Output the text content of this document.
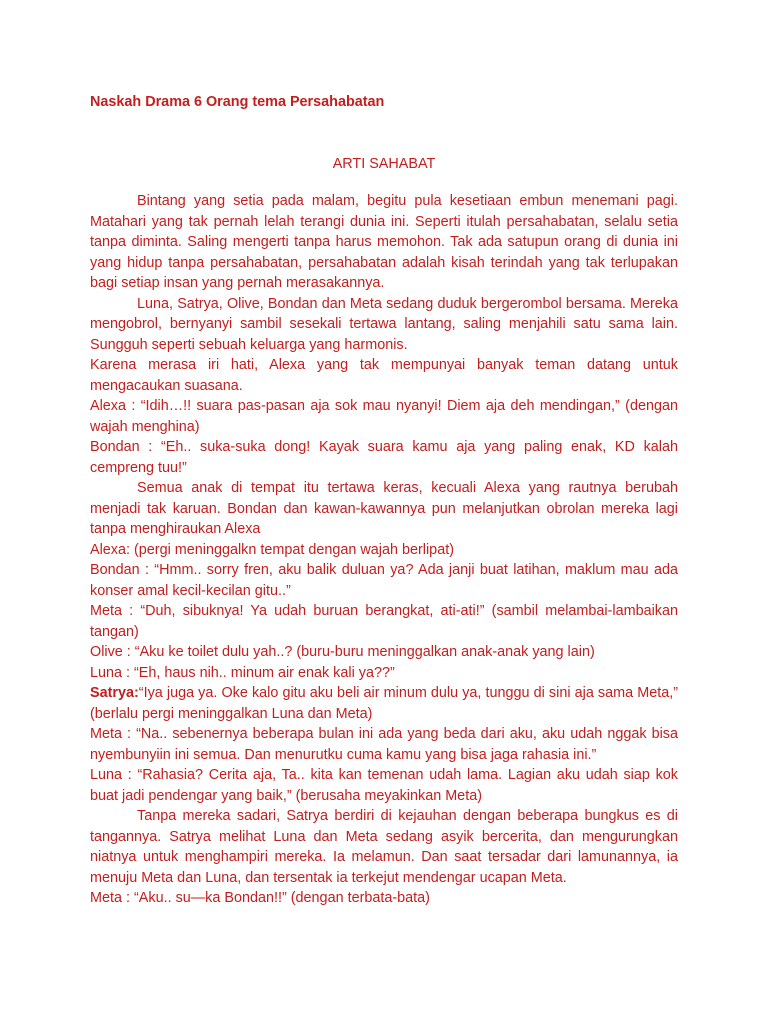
Naskah Drama 6 Orang tema Persahabatan

ARTI SAHABAT

Bintang yang setia pada malam, begitu pula kesetiaan embun menemani pagi. Matahari yang tak pernah lelah terangi dunia ini. Seperti itulah persahabatan, selalu setia tanpa diminta. Saling mengerti tanpa harus memohon. Tak ada satupun orang di dunia ini yang hidup tanpa persahabatan, persahabatan adalah kisah terindah yang tak terlupakan bagi setiap insan yang pernah merasakannya.

Luna, Satrya, Olive, Bondan dan Meta sedang duduk bergerombol bersama. Mereka mengobrol, bernyanyi sambil sesekali tertawa lantang, saling menjahili satu sama lain. Sungguh seperti sebuah keluarga yang harmonis.

Karena merasa iri hati, Alexa yang tak mempunyai banyak teman datang untuk mengacaukan suasana.

Alexa : “Idih…!! suara pas-pasan aja sok mau nyanyi! Diem aja deh mendingan,” (dengan wajah menghina)

Bondan : “Eh.. suka-suka dong! Kayak suara kamu aja yang paling enak, KD kalah cempreng tuu!”

Semua anak di tempat itu tertawa keras, kecuali Alexa yang rautnya berubah menjadi tak karuan. Bondan dan kawan-kawannya pun melanjutkan obrolan mereka lagi tanpa menghiraukan Alexa

Alexa: (pergi meninggalkn tempat dengan wajah berlipat)

Bondan : “Hmm.. sorry fren, aku balik duluan ya? Ada janji buat latihan, maklum mau ada konser amal kecil-kecilan gitu..”

Meta : “Duh, sibuknya! Ya udah buruan berangkat, ati-ati!” (sambil melambai-lambaikan tangan)

Olive : “Aku ke toilet dulu yah..? (buru-buru meninggalkan anak-anak yang lain)

Luna : “Eh, haus nih.. minum air enak kali ya??”

Satrya:“Iya juga ya. Oke kalo gitu aku beli air minum dulu ya, tunggu di sini aja sama Meta,” (berlalu pergi meninggalkan Luna dan Meta)

Meta : “Na.. sebenernya beberapa bulan ini ada yang beda dari aku, aku udah nggak bisa nyembunyiin ini semua. Dan menurutku cuma kamu yang bisa jaga rahasia ini.”

Luna : “Rahasia? Cerita aja, Ta.. kita kan temenan udah lama. Lagian aku udah siap kok buat jadi pendengar yang baik,” (berusaha meyakinkan Meta)

Tanpa mereka sadari, Satrya berdiri di kejauhan dengan beberapa bungkus es di tangannya. Satrya melihat Luna dan Meta sedang asyik bercerita, dan mengurungkan niatnya untuk menghampiri mereka. Ia melamun. Dan saat tersadar dari lamunannya, ia menuju Meta dan Luna, dan tersentak ia terkejut mendengar ucapan Meta.

Meta : “Aku.. su—ka Bondan!!” (dengan terbata-bata)
